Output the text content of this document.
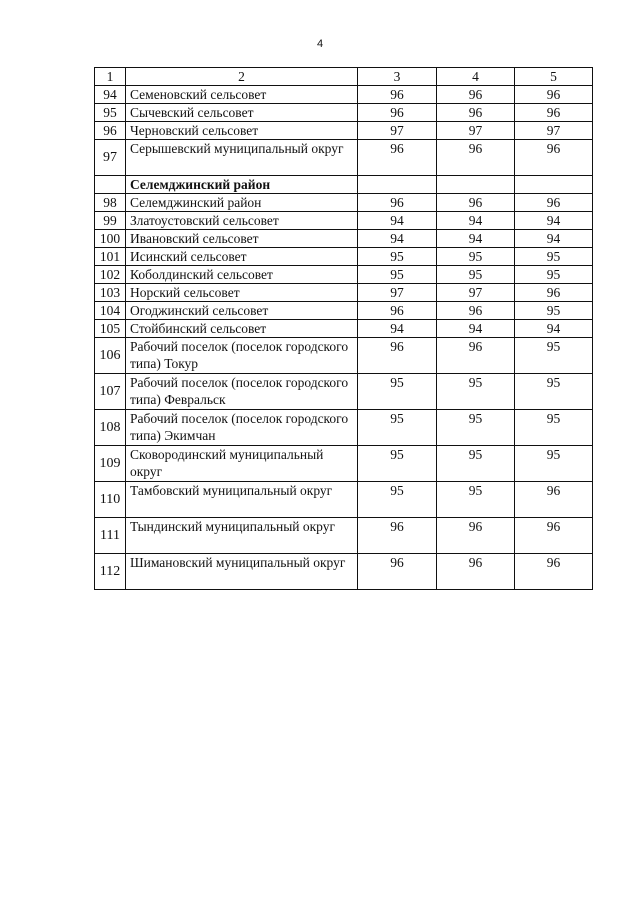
4
1	2	3	4	5
94	Семеновский сельсовет	96	96	96
95	Сычевский сельсовет	96	96	96
96	Черновский сельсовет	97	97	97
97	Серышевский муниципальный округ	96	96	96
	Селемджинский район			
98	Селемджинский район	96	96	96
99	Златоустовский сельсовет	94	94	94
100	Ивановский сельсовет	94	94	94
101	Исинский сельсовет	95	95	95
102	Коболдинский сельсовет	95	95	95
103	Норский сельсовет	97	97	96
104	Огоджинский сельсовет	96	96	95
105	Стойбинский сельсовет	94	94	94
106	Рабочий поселок (поселок городского типа) Токур	96	96	95
107	Рабочий поселок (поселок городского типа) Февральск	95	95	95
108	Рабочий поселок (поселок городского типа) Экимчан	95	95	95
109	Сковородинский муниципальный округ	95	95	95
110	Тамбовский муниципальный округ	95	95	96
111	Тындинский муниципальный округ	96	96	96
112	Шимановский муниципальный округ	96	96	96
